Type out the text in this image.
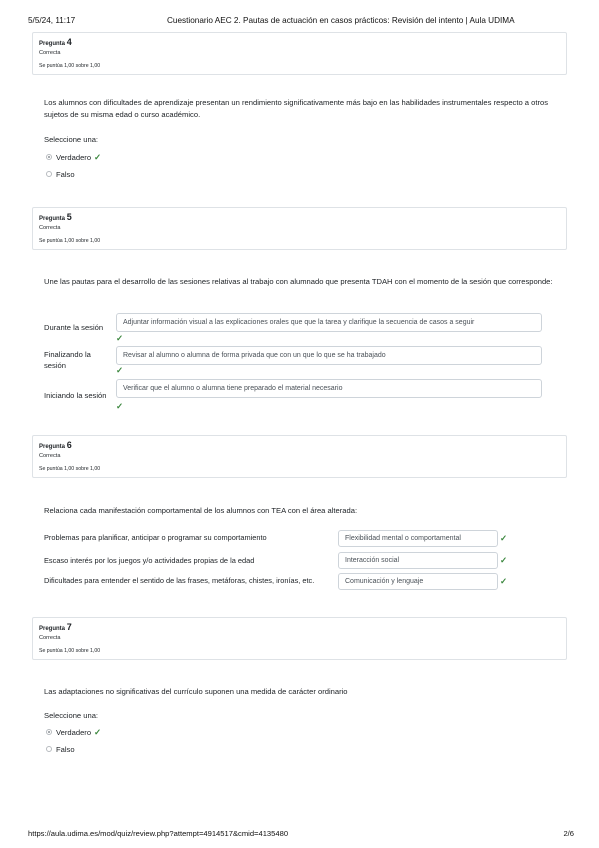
5/5/24, 11:17	Cuestionario AEC 2. Pautas de actuación en casos prácticos: Revisión del intento | Aula UDIMA
Pregunta 4
Correcta
Se puntúa 1,00 sobre 1,00
Los alumnos con dificultades de aprendizaje presentan un rendimiento significativamente más bajo en las habilidades instrumentales respecto a otros sujetos de su misma edad o curso académico.
Seleccione una:
Verdadero ✓
Falso
Pregunta 5
Correcta
Se puntúa 1,00 sobre 1,00
Une las pautas para el desarrollo de las sesiones relativas al trabajo con alumnado que presenta TDAH con el momento de la sesión que corresponde:
Durante la sesión
Adjuntar información visual a las explicaciones orales que que la tarea y clarifique la secuencia de casos a seguir
✓
Finalizando la sesión
Revisar al alumno o alumna de forma privada que con un que lo que se ha trabajado
✓
Iniciando la sesión
Verificar que el alumno o alumna tiene preparado el material necesario
✓
Pregunta 6
Correcta
Se puntúa 1,00 sobre 1,00
Relaciona cada manifestación comportamental de los alumnos con TEA con el área alterada:
Problemas para planificar, anticipar o programar su comportamiento	Flexibilidad mental o comportamental	✓
Escaso interés por los juegos y/o actividades propias de la edad	Interacción social	✓
Dificultades para entender el sentido de las frases, metáforas, chistes, ironías, etc.	Comunicación y lenguaje	✓
Pregunta 7
Correcta
Se puntúa 1,00 sobre 1,00
Las adaptaciones no significativas del currículo suponen una medida de carácter ordinario
Seleccione una:
Verdadero ✓
Falso
https://aula.udima.es/mod/quiz/review.php?attempt=4914517&cmid=4135480	2/6
